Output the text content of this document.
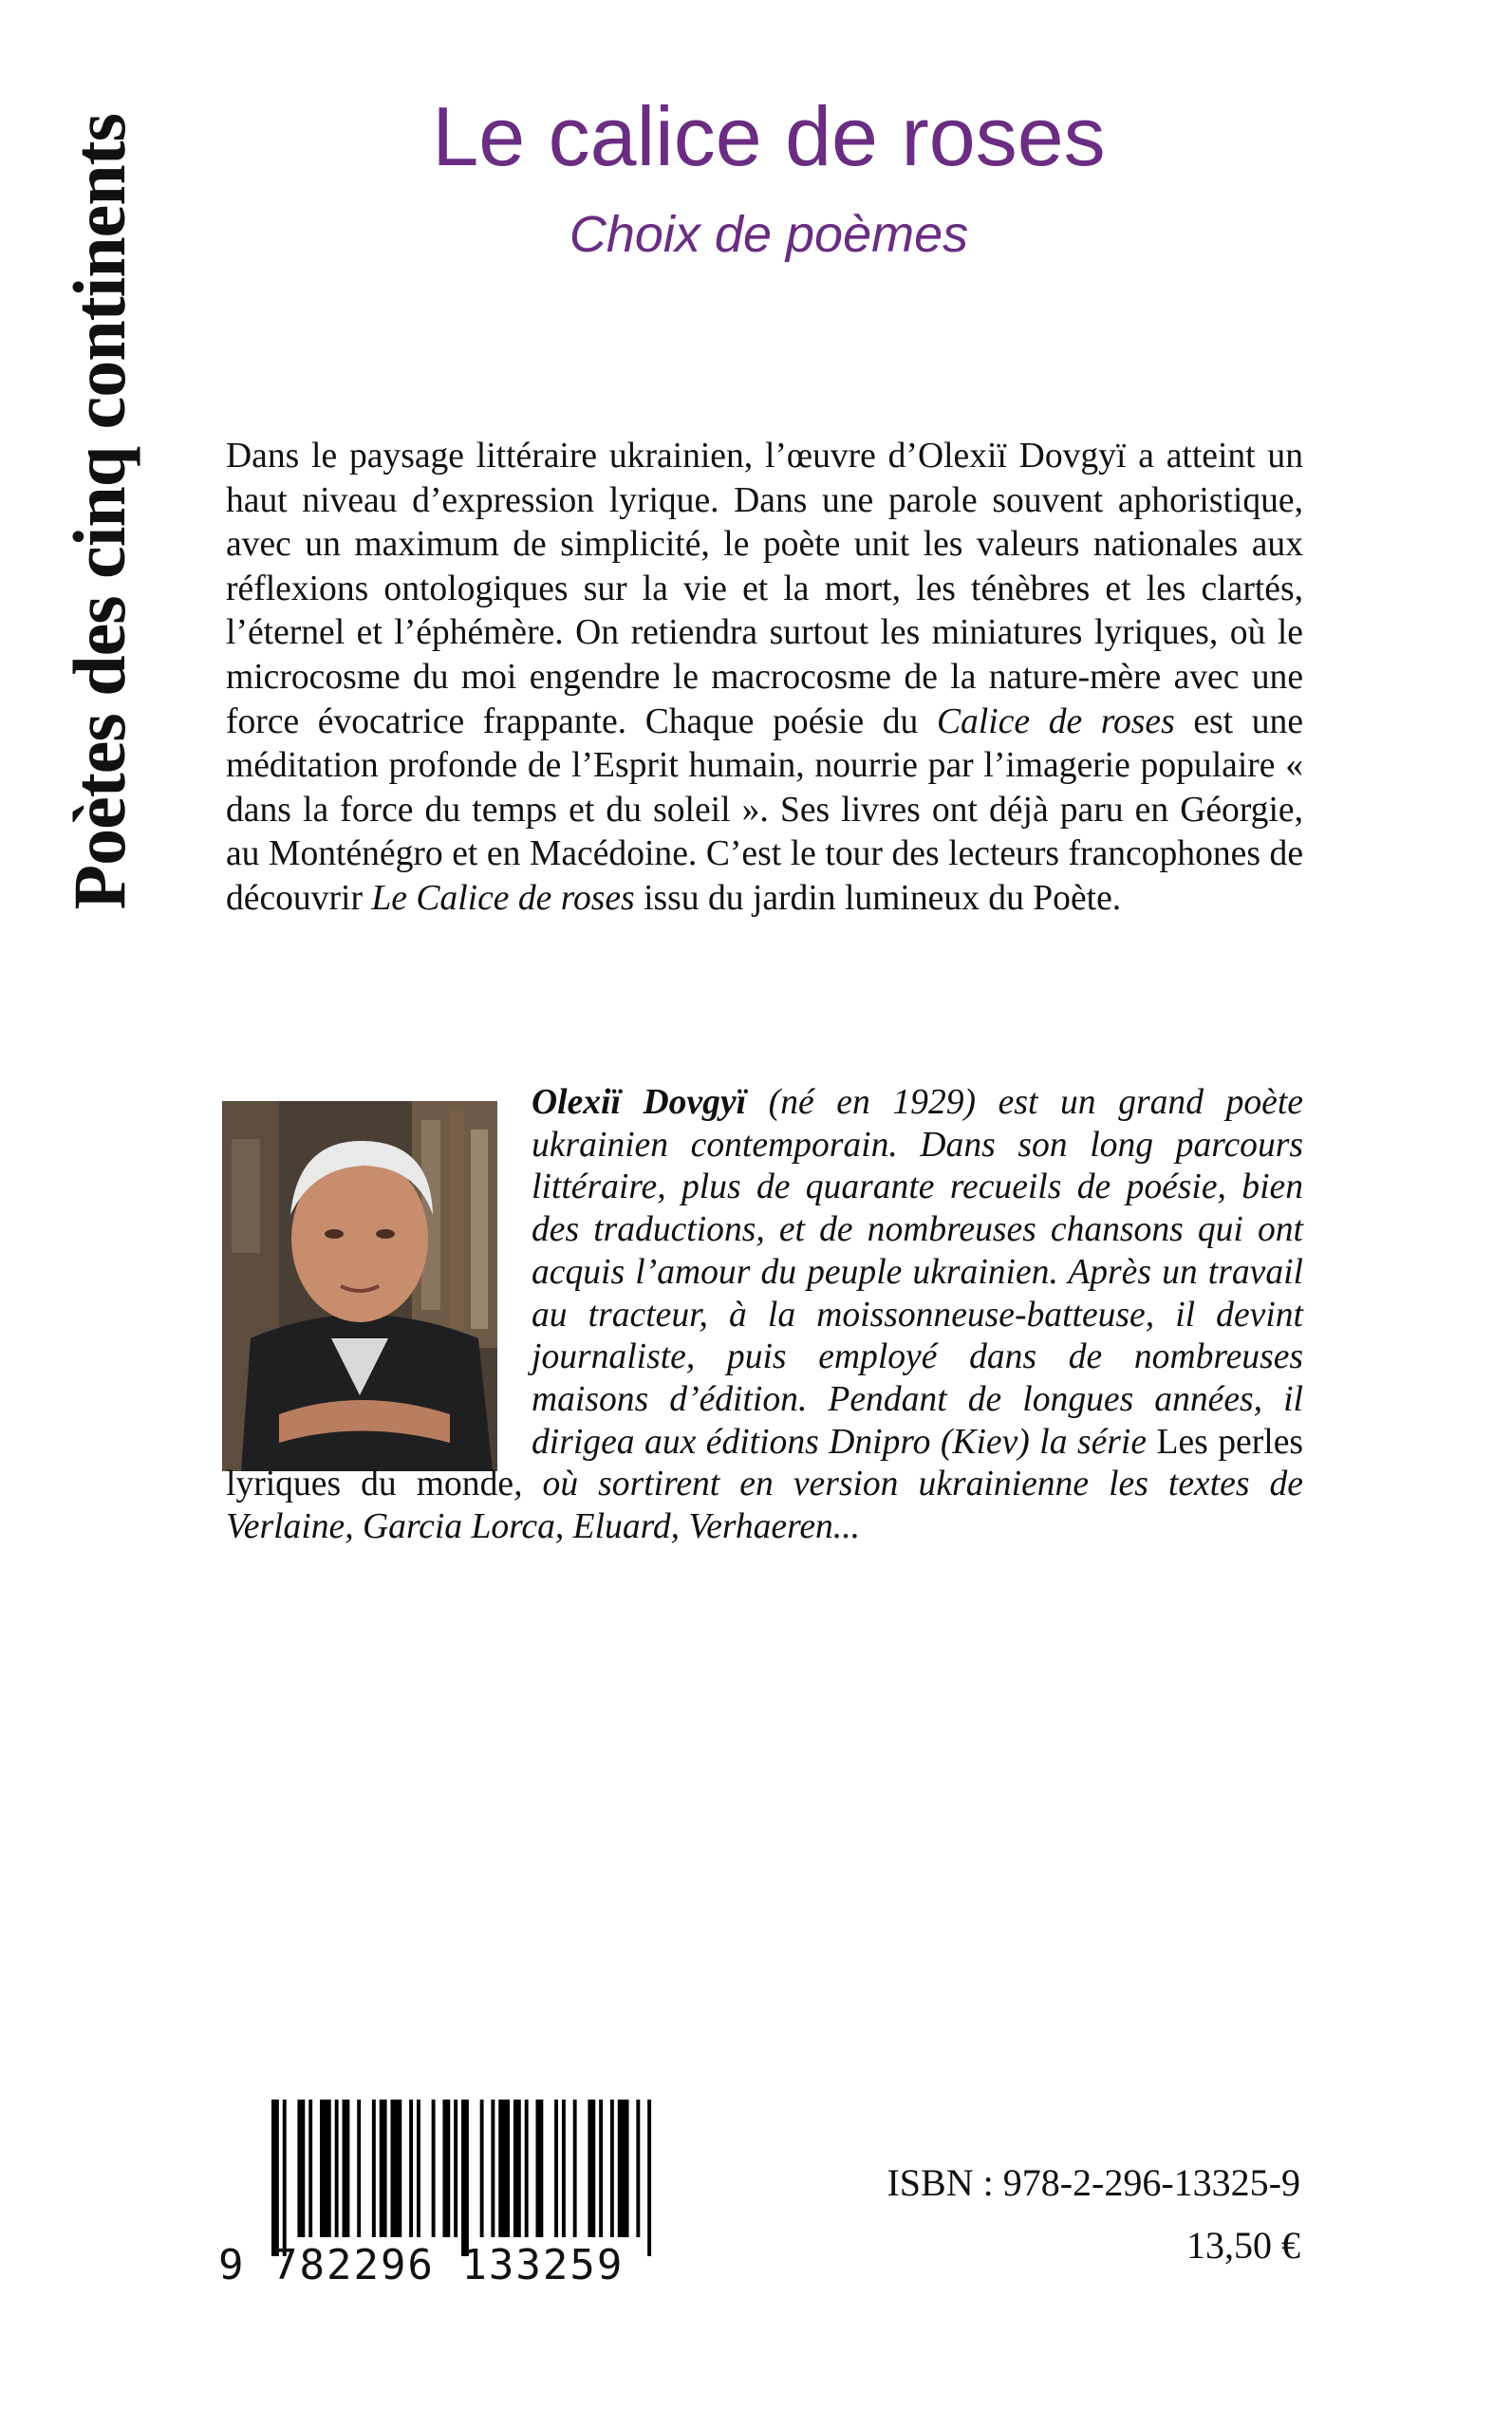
Poètes des cinq continents	Le calice de roses
Choix de poèmes

Dans le paysage littéraire ukrainien, l’œuvre d’Olexiï Dovgyï a atteint un haut niveau d’expression lyrique. Dans une parole souvent aphoristique, avec un maximum de simplicité, le poète unit les valeurs nationales aux réflexions ontologiques sur la vie et la mort, les ténèbres et les clartés, l’éternel et l’éphémère. On retiendra surtout les miniatures lyriques, où le microcosme du moi engendre le macrocosme de la nature-mère avec une force évocatrice frappante. Chaque poésie du Calice de roses est une méditation profonde de l’Esprit humain, nourrie par l’imagerie populaire « dans la force du temps et du soleil ». Ses livres ont déjà paru en Géorgie, au Monténégro et en Macédoine. C’est le tour des lecteurs francophones de découvrir Le Calice de roses issu du jardin lumineux du Poète.

Olexiï Dovgyï (né en 1929) est un grand poète ukrainien contemporain. Dans son long parcours littéraire, plus de quarante recueils de poésie, bien des traductions, et de nombreuses chansons qui ont acquis l’amour du peuple ukrainien. Après un travail au tracteur, à la moissonneuse-batteuse, il devint journaliste, puis employé dans de nombreuses maisons d’édition. Pendant de longues années, il dirigea aux éditions Dnipro (Kiev) la série Les perles lyriques du monde, où sortirent en version ukrainienne les textes de Verlaine, Garcia Lorca, Eluard, Verhaeren...

9 782296 133259
ISBN : 978-2-296-13325-9
13,50 €
